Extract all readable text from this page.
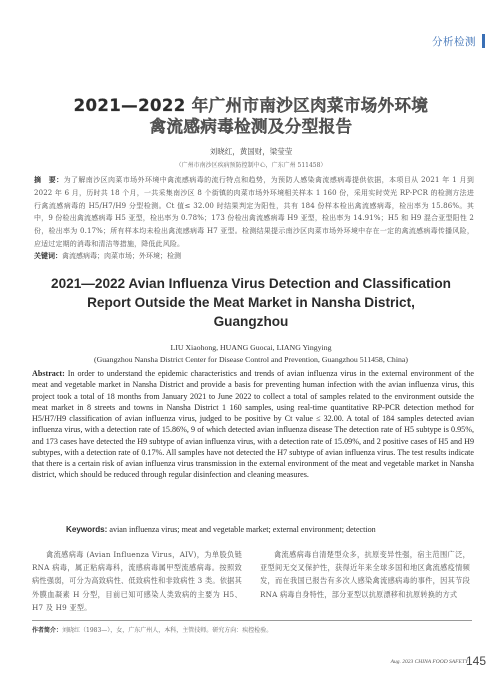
分析检测
2021—2022 年广州市南沙区肉菜市场外环境
禽流感病毒检测及分型报告
刘晓红，黄国财，梁莹莹
（广州市南沙区疾病预防控制中心，广东广州 511458）
摘　要：为了解南沙区肉菜市场外环境中禽流感病毒的流行特点和趋势，为预防人感染禽流感病毒提供依据，本项目从 2021 年 1 月到 2022 年 6 月，历时共 18 个月，一共采集南沙区 8 个街镇的肉菜市场外环境相关样本 1 160 份，采用实时荧光 RP-PCR 的检测方法进行禽流感病毒的 H5/H7/H9 分型检测。Ct 值≤ 32.00 时结果判定为阳性，共有 184 份样本检出禽流感病毒，检出率为 15.86%。其中，9 份检出禽流感病毒 H5 亚型，检出率为 0.78%；173 份检出禽流感病毒 H9 亚型，检出率为 14.91%；H5 和 H9 混合亚型阳性 2 份，检出率为 0.17%；所有样本均未检出禽流感病毒 H7 亚型。检测结果提示南沙区肉菜市场外环境中存在一定的禽流感病毒传播风险，应适过定期的消毒和清洁等措施，降低此风险。
关键词：禽流感病毒；肉菜市场；外环境；检测
2021—2022 Avian Influenza Virus Detection and Classification
Report Outside the Meat Market in Nansha District,
Guangzhou
LIU Xiaohong, HUANG Guocai, LIANG Yingying
(Guangzhou Nansha District Center for Disease Control and Prevention, Guangzhou 511458, China)
Abstract: In order to understand the epidemic characteristics and trends of avian influenza virus in the external environment of the meat and vegetable market in Nansha District and provide a basis for preventing human infection with the avian influenza virus, this project took a total of 18 months from January 2021 to June 2022 to collect a total of samples related to the environment outside the meat market in 8 streets and towns in Nansha District 1 160 samples, using real-time quantitative RP-PCR detection method for H5/H7/H9 classification of avian influenza virus, judged to be positive by Ct value ≤ 32.00. A total of 184 samples detected avian influenza virus, with a detection rate of 15.86%, 9 of which detected avian influenza disease The detection rate of H5 subtype is 0.95%, and 173 cases have detected the H9 subtype of avian influenza virus, with a detection rate of 15.09%, and 2 positive cases of H5 and H9 subtypes, with a detection rate of 0.17%. All samples have not detected the H7 subtype of avian influenza virus. The test results indicate that there is a certain risk of avian influenza virus transmission in the external environment of the meat and vegetable market in Nansha district, which should be reduced through regular disinfection and cleaning measures.
Keywords: avian influenza virus; meat and vegetable market; external environment; detection
禽流感病毒 (Avian Influenza Virus，AIV)，为单股负链 RNA 病毒，属正粘病毒科，流感病毒属甲型流感病毒。按照致病性强弱，可分为高致病性、低致病性和非致病性 3 类。依据其外膜血凝素 H 分型，目前已知可感染人类致病的主要为 H5、H7 及 H9 亚型。
禽流感病毒自清楚型众多，抗原变异性强，宿主范围广泛，亚型间无交叉保护性，获得近年来全球多国和地区禽流感疫情频发，而在我国已报告有多次人感染禽流感病毒的事件，因其节段 RNA 病毒自身特性，部分亚型以抗原漂移和抗原转换的方式
作者简介：刘晓红（1983—），女，广东广州人，本科，主管技师。研究方向：疾控检验。
Aug. 2023 CHINA FOOD SAFETY
145
